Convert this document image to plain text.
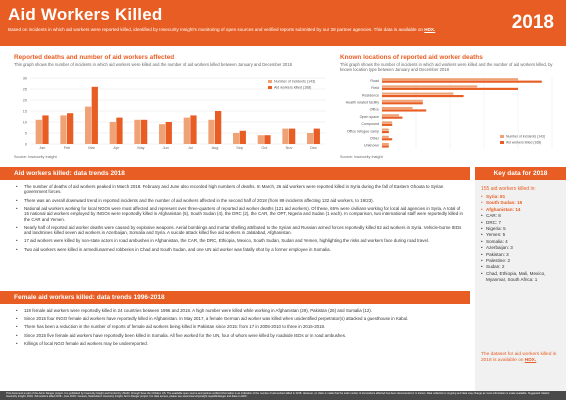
Aid Workers Killed
Based on incidents in which aid workers were reported killed, identified by Insecurity Insight's monitoring of open sources and verified reports submitted by our 28 partner agencies. This data is available on HDX.	2018
Reported deaths and number of aid workers affected
This graph shows the number of incidents in which aid workers were killed and the number of aid workers killed between January and December 2018
0
5
10
15
20
25
30
Jan	Feb	Mar	Apr	May	Jun	Jul	Aug	Sep	Oct	Nov	Dec
Number of incidents (143)
Aid workers killed (168)
Source: Insecurity Insight
Known locations of reported aid worker deaths
This graph shows the number of incidents in which aid workers were killed and the number of aid workers killed, by known location type between January and December 2018
Road
Field
Residence
Health related facility
Office
Open space
Compound
Office refugee camp
Other
Unknown
Number of incidents (143)
Aid workers killed (168)
Source: Insecurity Insight
Aid workers killed: data trends 2018
• The number of deaths of aid workers peaked in March 2018. February and June also recorded high numbers of deaths. In March, 26 aid workers were reported killed in Syria during the fall of Eastern Ghouta to Syrian government forces.
• There was an overall downward trend in reported incidents and the number of aid workers affected in the second half of 2018 (from 89 incidents affecting 132 aid workers, to 19/23).
• National aid workers working for local NGOs were most affected and represent over three-quarters of reported aid worker deaths (121 aid workers). Of these, 65% were civilians working for local aid agencies in Syria. A total of 15 national aid workers employed by INGOs were reportedly killed in Afghanistan (5), South Sudan (4), the DRC (2), the CAR, the OPT, Nigeria and Sudan (1 each). In comparison, two international staff were reportedly killed in the CAR and Yemen.
• Nearly half of reported aid worker deaths were caused by explosive weapons. Aerial bombings and mortar shelling attributed to the Syrian and Russian armed forces reportedly killed 52 aid workers in Syria. Vehicle-borne IEDs and landmines killed seven aid workers in Azerbaijan, Somalia and Syria. A suicide attack killed five aid workers in Jalalabad, Afghanistan.
• 17 aid workers were killed by non-state actors in road ambushes in Afghanistan, the CAR, the DRC, Ethiopia, Mexico, South Sudan, Sudan and Yemen, highlighting the risks aid workers face during road travel.
• Two aid workers were killed in armed/unarmed robberies in Chad and South Sudan, and one UN aid worker was fatally shot by a former employee in Somalia.
Female aid workers killed: data trends 1996-2018
• 119 female aid workers were reportedly killed in 24 countries between 1996 and 2018. A high number were killed while working in Afghanistan (29), Pakistan (26) and Somalia (12).
• Since 2015 four INGO female aid workers have reportedly killed in Afghanistan. In May 2017, a female German aid worker was killed when unidentified perpetrator(s) attacked a guesthouse in Kabul.
• There has been a reduction in the number of reports of female aid workers being killed in Pakistan since 2015: from 17 in 2005-2010 to three in 2015-2018.
• Since 2015 five female aid workers have reportedly been killed in Somalia. All five worked for the UN, four of whom were killed by roadside IEDs or in road ambushes.
• Killings of local NGO female aid workers may be underreported.
Key data for 2018
155 aid workers killed in:
• Syria: 81
• South Sudan: 15
• Afghanistan: 14
• CAR: 8
• DRC: 7
• Nigeria: 5
• Yemen: 5
• Somalia: 4
• Azerbaijan: 3
• Pakistan: 3
• Palestine: 2
• Sudan: 2
• Chad, Ethiopia, Mali, Mexico, Myanmar, South Africa: 1
The dataset for aid workers killed in 2018 is available on HDX.
This document is part of the Aid in Danger project. It is published by Insecurity Insight and funded by USAID, through Save the Children US. The available open source and partner-verified information is an indication of the number of aid workers killed in 2018. However, no claim is made that the total number of aid workers affected has been documented or is known. Data collection is ongoing and data may change as more information is made available. Suggested citation: Insecurity Insight. 2019. 'Aid workers killed 2018 - June 2019'. Geneva, Switzerland: Insecurity Insight. Aid in Danger project. For data access, please see www.insecurityinsight.org/aidindanger and data on HDX.
